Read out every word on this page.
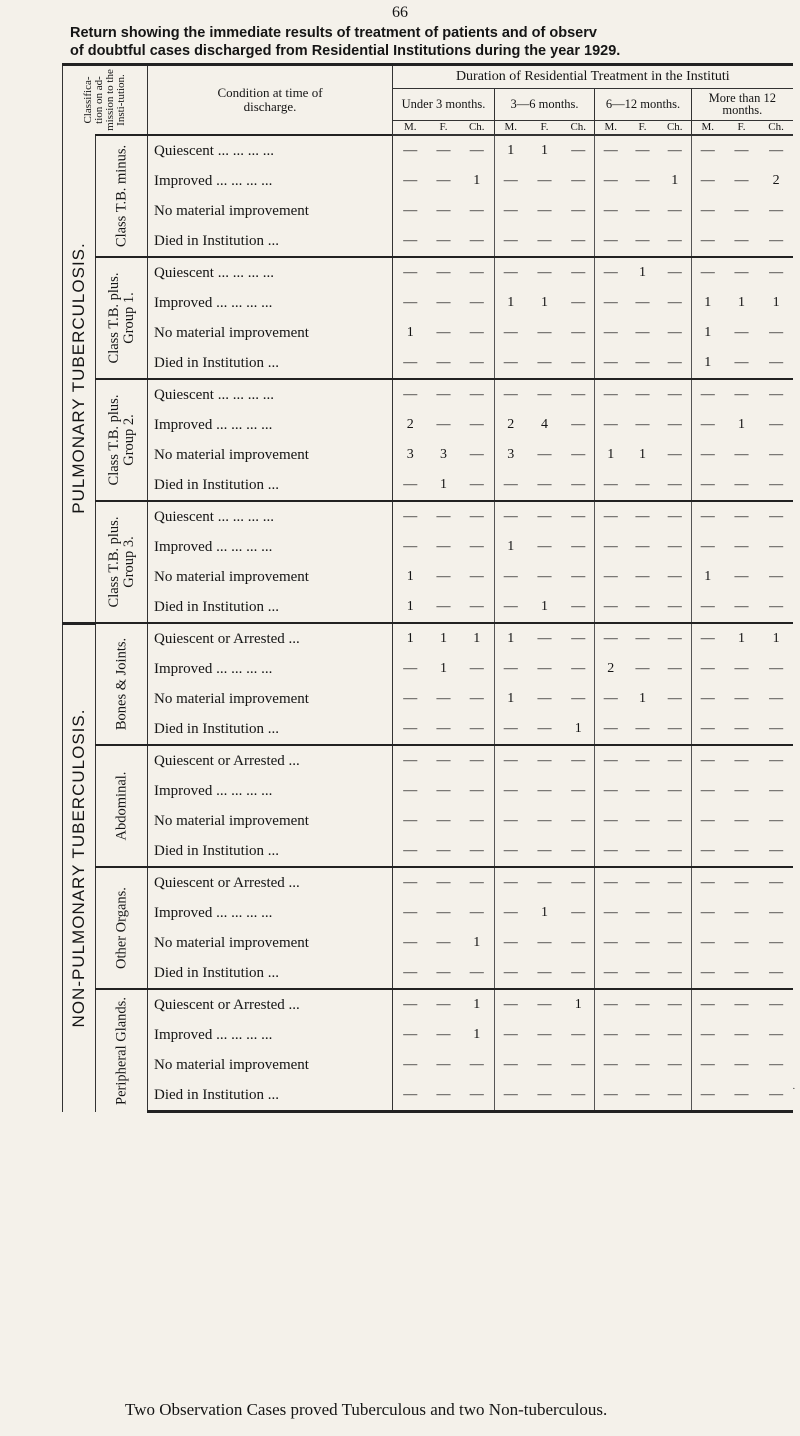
66
Return showing the immediate results of treatment of patients and of observ
of doubtful cases discharged from Residential Institutions during the year 1929.
Classifica-tion on ad-mission to the Insti-tution.		Condition at time of discharge.	Duration of Residential Treatment in the Instituti											
			Under 3 months.			3—6 months.			6—12 months.			More than 12 months.		
			M.	F.	Ch.	M.	F.	Ch.	M.	F.	Ch.	M.	F.	Ch.

PULMONARY TUBERCULOSIS.	Class T.B. minus.	Quiescent ... ... ... ...	—	—	—	1	1	—	—	—	—	—	—	—
		Improved ... ... ... ...	—	—	1	—	—	—	—	—	1	—	—	2
		No material improvement	—	—	—	—	—	—	—	—	—	—	—	—
		Died in Institution ...	—	—	—	—	—	—	—	—	—	—	—	—

	Class T.B. plus. Group 1.	Quiescent ... ... ... ...	—	—	—	—	—	—	—	1	—	—	—	—
		Improved ... ... ... ...	—	—	—	1	1	—	—	—	—	1	1	1
		No material improvement	1	—	—	—	—	—	—	—	—	1	—	—
		Died in Institution ...	—	—	—	—	—	—	—	—	—	1	—	—

	Class T.B. plus. Group 2.	Quiescent ... ... ... ...	—	—	—	—	—	—	—	—	—	—	—	—
		Improved ... ... ... ...	2	—	—	2	4	—	—	—	—	—	1	—
		No material improvement	3	3	—	3	—	—	1	1	—	—	—	—
		Died in Institution ...	—	1	—	—	—	—	—	—	—	—	—	—

	Class T.B. plus. Group 3.	Quiescent ... ... ... ...	—	—	—	—	—	—	—	—	—	—	—	—
		Improved ... ... ... ...	—	—	—	1	—	—	—	—	—	—	—	—
		No material improvement	1	—	—	—	—	—	—	—	—	1	—	—
		Died in Institution ...	1	—	—	—	1	—	—	—	—	—	—	—

NON-PULMONARY TUBERCULOSIS.	Bones & Joints.	Quiescent or Arrested ...	1	1	1	1	—	—	—	—	—	—	1	1
		Improved ... ... ... ...	—	1	—	—	—	—	2	—	—	—	—	—
		No material improvement	—	—	—	1	—	—	—	1	—	—	—	—
		Died in Institution ...	—	—	—	—	—	1	—	—	—	—	—	—

	Abdominal.	Quiescent or Arrested ...	—	—	—	—	—	—	—	—	—	—	—	—
		Improved ... ... ... ...	—	—	—	—	—	—	—	—	—	—	—	—
		No material improvement	—	—	—	—	—	—	—	—	—	—	—	—
		Died in Institution ...	—	—	—	—	—	—	—	—	—	—	—	—

	Other Organs.	Quiescent or Arrested ...	—	—	—	—	—	—	—	—	—	—	—	—
		Improved ... ... ... ...	—	—	—	—	1	—	—	—	—	—	—	—
		No material improvement	—	—	1	—	—	—	—	—	—	—	—	—
		Died in Institution ...	—	—	—	—	—	—	—	—	—	—	—	—

	Peripheral Glands.	Quiescent or Arrested ...	—	—	1	—	—	1	—	—	—	—	—	—
		Improved ... ... ... ...	—	—	1	—	—	—	—	—	—	—	—	—
		No material improvement	—	—	—	—	—	—	—	—	—	—	—	—
		Died in Institution ...	—	—	—	—	—	—	—	—	—	—	—	—
Two Observation Cases proved Tuberculous and two Non-tuberculous.
·
